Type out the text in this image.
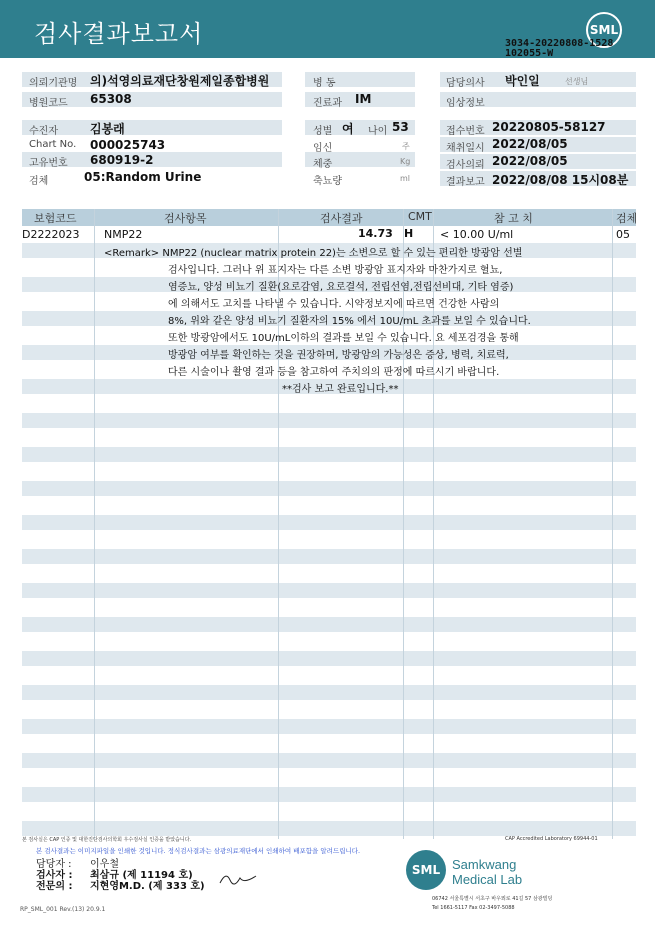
검사결과보고서	SML
3034-20220808-1528
102055-W
의뢰기관명 의)석영의료재단창원제일종합병원
병원코드 65308
병 동
진료과 IM
담당의사 박인일	선생님
임상정보
수진자	김봉래
Chart No. 000025743
고유번호 680919-2
검체	05:Random Urine
성별 여 나이 53
임신	주
체중	Kg
축뇨량	ml
접수번호 20220805-58127
채취일시 2022/08/05
검사의뢰 2022/08/05
결과보고 2022/08/08 15시08분
보험코드	검사항목	검사결과	CMT	참 고 치	검체
D2222023 NMP22	14.73 H < 10.00 U/ml	05
<Remark> NMP22 (nuclear matrix protein 22)는 소변으로 할 수 있는 편리한 방광암 선별
검사입니다. 그러나 위 표지자는 다른 소변 방광암 표지자와 마찬가지로 혈뇨,
염증뇨, 양성 비뇨기 질환(요로감염, 요로결석, 전립선염,전립선비대, 기타 염증)
에 의해서도 고치를 나타낼 수 있습니다. 시약정보지에 따르면 건강한 사람의
8%, 위와 같은 양성 비뇨기 질환자의 15% 에서 10U/mL 초과를 보일 수 있습니다.
또한 방광암에서도 10U/mL이하의 결과를 보일 수 있습니다. 요 세포검경을 통해
방광암 여부를 확인하는 것을 권장하며, 방광암의 가능성은 증상, 병력, 치료력,
다른 시술이나 촬영 결과 등을 참고하여 주치의의 판정에 따르시기 바랍니다.
**검사 보고 완료입니다.**
본 검사실은 CAP 인증 및 대한진단검사의학회 우수검사실 인증을 받았습니다.	CAP Accredited Laboratory 69944-01
본 검사결과는 이미지파일을 인쇄한 것입니다. 정식검사결과는 삼광의료재단에서 인쇄하여 배포함을 알려드립니다.
담당자 : 이우철
검사자 : 최삼규 (제 11194 호)
전문의 : 지현영M.D. (제 333 호)
RP_SML_001 Rev.(13) 20.9.1
SML Samkwang
Medical Lab
06742 서울특별시 서초구 바우뫼로 41길 57 삼광빌딩
Tel 1661-5117 Fax 02-3497-5088
